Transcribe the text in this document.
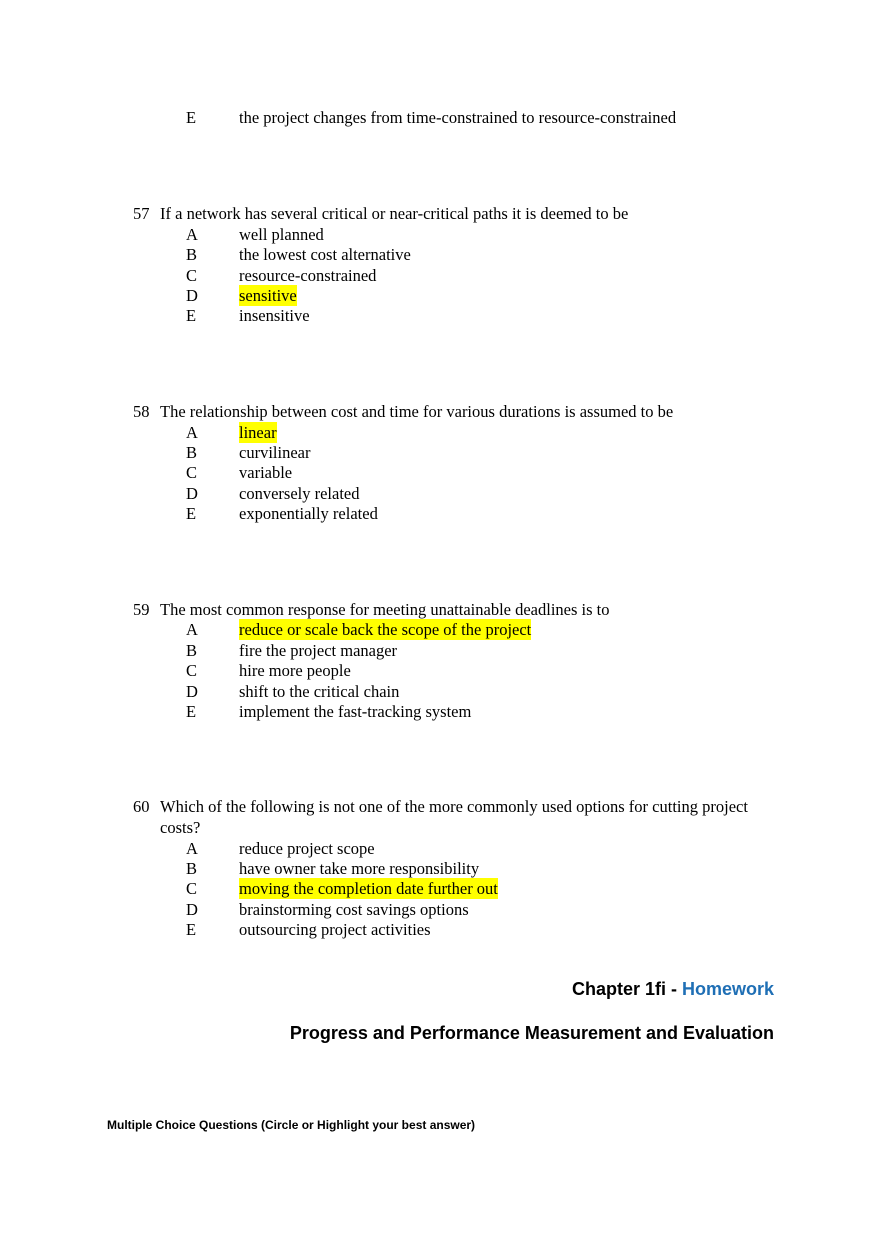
E	the project changes from time-constrained to resource-constrained
57 If a network has several critical or near-critical paths it is deemed to be
A well planned
B	the lowest cost alternative
C	resource-constrained
D sensitive
E	insensitive
58 The relationship between cost and time for various durations is assumed to be
A linear
B	curvilinear
C	variable
D conversely related
E	exponentially related
59 The most common response for meeting unattainable deadlines is to
A reduce or scale back the scope of the project
B	fire the project manager
C	hire more people
D shift to the critical chain
E	implement the fast-tracking system
60 Which of the following is not one of the more commonly used options for cutting project costs?
A reduce project scope
B	have owner take more responsibility
C	moving the completion date further out
D brainstorming cost savings options
E	outsourcing project activities
Chapter 1fi - Homework
Progress and Performance Measurement and Evaluation
Multiple Choice Questions (Circle or Highlight your best answer)
